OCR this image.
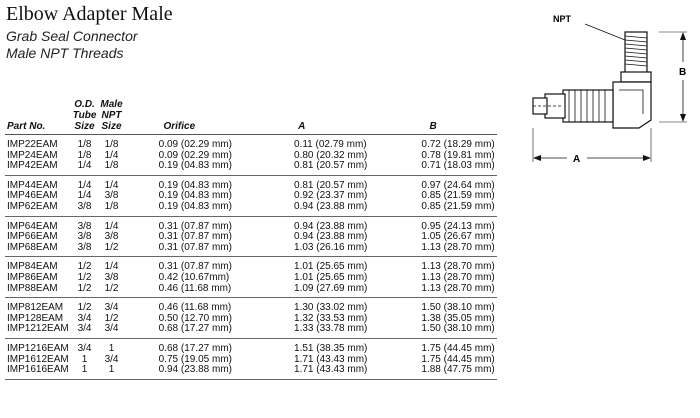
Elbow Adapter Male
Grab Seal Connector
Male NPT Threads
NPT
B
A
Part No.	O.D. Tube Size	Male NPT Size	Orifice	A	B
IMP22EAM	1/8	1/8	0.09 (02.29 mm)	0.11 (02.79 mm)	0.72 (18.29 mm)
IMP24EAM	1/8	1/4	0.09 (02.29 mm)	0.80 (20.32 mm)	0.78 (19.81 mm)
IMP42EAM	1/4	1/8	0.19 (04.83 mm)	0.81 (20.57 mm)	0.71 (18.03 mm)
IMP44EAM	1/4	1/4	0.19 (04.83 mm)	0.81 (20.57 mm)	0.97 (24.64 mm)
IMP46EAM	1/4	3/8	0.19 (04.83 mm)	0.92 (23.37 mm)	0.85 (21.59 mm)
IMP62EAM	3/8	1/8	0.19 (04.83 mm)	0.94 (23.88 mm)	0.85 (21.59 mm)
IMP64EAM	3/8	1/4	0.31 (07.87 mm)	0.94 (23.88 mm)	0.95 (24.13 mm)
IMP66EAM	3/8	3/8	0.31 (07.87 mm)	0.94 (23.88 mm)	1.05 (26.67 mm)
IMP68EAM	3/8	1/2	0.31 (07.87 mm)	1.03 (26.16 mm)	1.13 (28.70 mm)
IMP84EAM	1/2	1/4	0.31 (07.87 mm)	1.01 (25.65 mm)	1.13 (28.70 mm)
IMP86EAM	1/2	3/8	0.42 (10.67mm)	1.01 (25.65 mm)	1.13 (28.70 mm)
IMP88EAM	1/2	1/2	0.46 (11.68 mm)	1.09 (27.69 mm)	1.13 (28.70 mm)
IMP812EAM	1/2	3/4	0.46 (11.68 mm)	1.30 (33.02 mm)	1.50 (38.10 mm)
IMP128EAM	3/4	1/2	0.50 (12.70 mm)	1.32 (33.53 mm)	1.38 (35.05 mm)
IMP1212EAM	3/4	3/4	0.68 (17.27 mm)	1.33 (33.78 mm)	1.50 (38.10 mm)
IMP1216EAM	3/4	1	0.68 (17.27 mm)	1.51 (38.35 mm)	1.75 (44.45 mm)
IMP1612EAM	1	3/4	0.75 (19.05 mm)	1.71 (43.43 mm)	1.75 (44.45 mm)
IMP1616EAM	1	1	0.94 (23.88 mm)	1.71 (43.43 mm)	1.88 (47.75 mm)
